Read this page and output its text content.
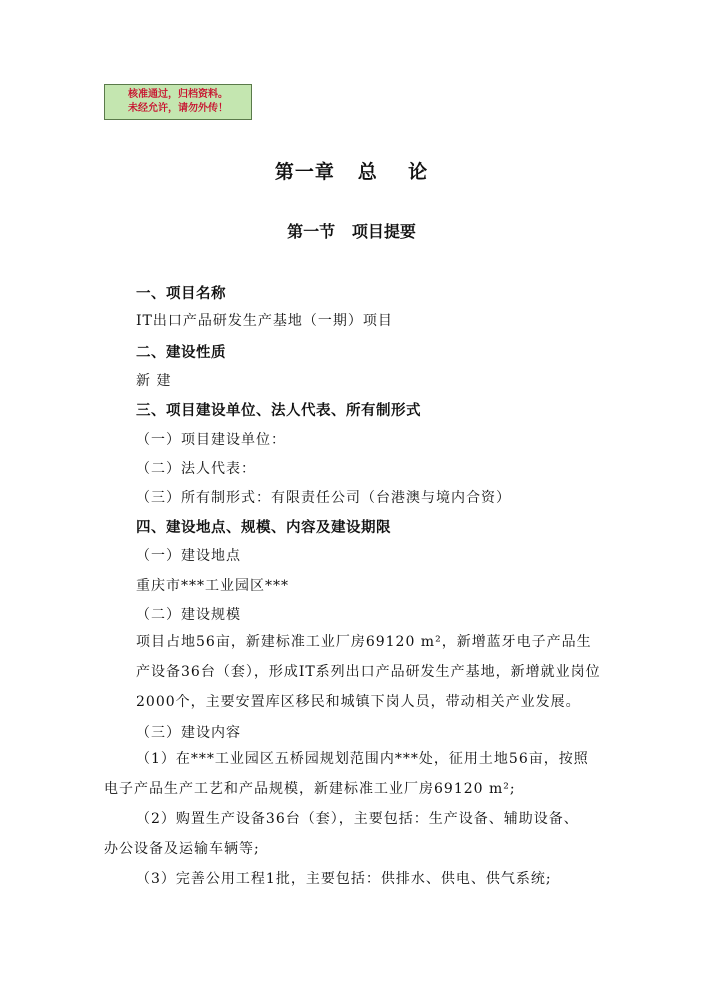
核准通过，归档资料。
未经允许，请勿外传！
第一章   总    论
第一节   项目提要
一、项目名称
IT出口产品研发生产基地（一期）项目
二、建设性质
新 建
三、项目建设单位、法人代表、所有制形式
（一）项目建设单位：
（二）法人代表：
（三）所有制形式：有限责任公司（台港澳与境内合资）
四、建设地点、规模、内容及建设期限
（一）建设地点
重庆市***工业园区***
（二）建设规模
项目占地56亩，新建标准工业厂房69120 m²，新增蓝牙电子产品生
产设备36台（套），形成IT系列出口产品研发生产基地，新增就业岗位
2000个，主要安置库区移民和城镇下岗人员，带动相关产业发展。
（三）建设内容
（1）在***工业园区五桥园规划范围内***处，征用土地56亩，按照
电子产品生产工艺和产品规模，新建标准工业厂房69120 m²;
（2）购置生产设备36台（套），主要包括：生产设备、辅助设备、
办公设备及运输车辆等;
（3）完善公用工程1批，主要包括：供排水、供电、供气系统;
